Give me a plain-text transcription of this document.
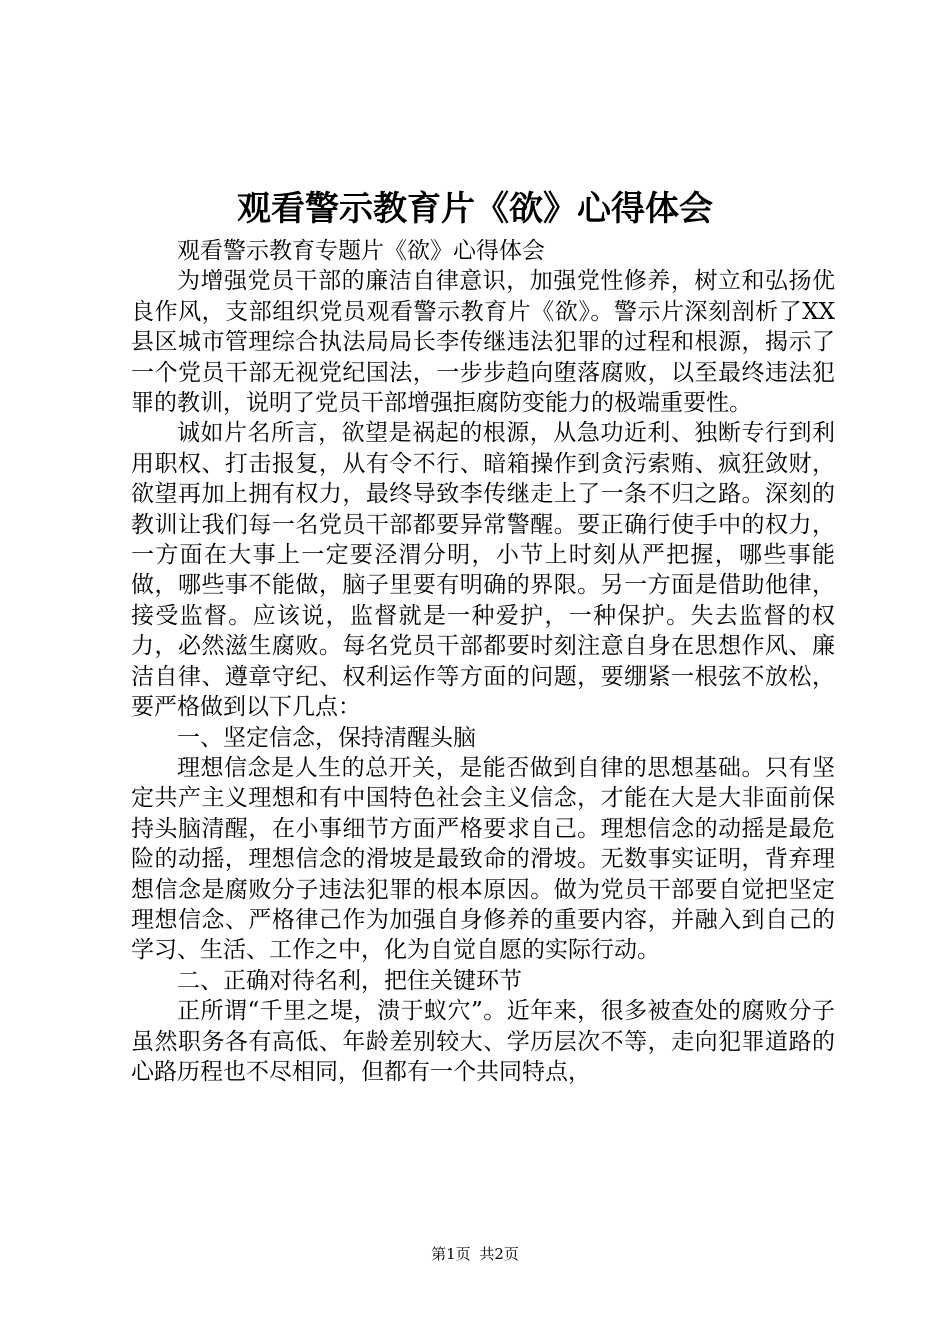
观看警示教育片《欲》心得体会

观看警示教育专题片《欲》心得体会

为增强党员干部的廉洁自律意识，加强党性修养，树立和弘扬优良作风，支部组织党员观看警示教育片《欲》。警示片深刻剖析了XX县区城市管理综合执法局局长李传继违法犯罪的过程和根源，揭示了一个党员干部无视党纪国法，一步步趋向堕落腐败，以至最终违法犯罪的教训，说明了党员干部增强拒腐防变能力的极端重要性。

诚如片名所言，欲望是祸起的根源，从急功近利、独断专行到利用职权、打击报复，从有令不行、暗箱操作到贪污索贿、疯狂敛财，欲望再加上拥有权力，最终导致李传继走上了一条不归之路。深刻的教训让我们每一名党员干部都要异常警醒。要正确行使手中的权力，一方面在大事上一定要泾渭分明，小节上时刻从严把握，哪些事能做，哪些事不能做，脑子里要有明确的界限。另一方面是借助他律，接受监督。应该说，监督就是一种爱护，一种保护。失去监督的权力，必然滋生腐败。每名党员干部都要时刻注意自身在思想作风、廉洁自律、遵章守纪、权利运作等方面的问题，要绷紧一根弦不放松，要严格做到以下几点：

一、坚定信念，保持清醒头脑

理想信念是人生的总开关，是能否做到自律的思想基础。只有坚定共产主义理想和有中国特色社会主义信念，才能在大是大非面前保持头脑清醒，在小事细节方面严格要求自己。理想信念的动摇是最危险的动摇，理想信念的滑坡是最致命的滑坡。无数事实证明，背弃理想信念是腐败分子违法犯罪的根本原因。做为党员干部要自觉把坚定理想信念、严格律己作为加强自身修养的重要内容，并融入到自己的学习、生活、工作之中，化为自觉自愿的实际行动。

二、正确对待名利，把住关键环节

正所谓“千里之堤，溃于蚁穴”。近年来，很多被查处的腐败分子虽然职务各有高低、年龄差别较大、学历层次不等，走向犯罪道路的心路历程也不尽相同，但都有一个共同特点，

第1页 共2页
